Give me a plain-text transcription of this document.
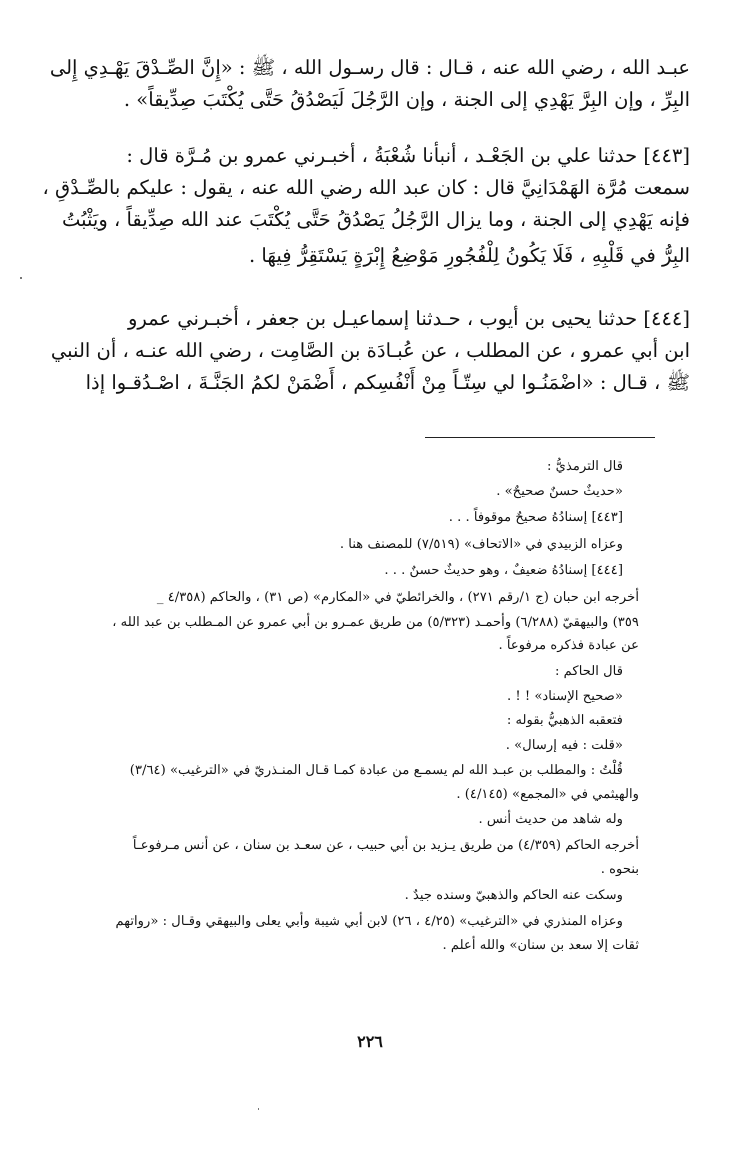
عبـد الله ، رضي الله عنه ، قـال : قال رسـول الله ، ﷺ : «إِنَّ الصِّـدْقَ يَهْـدِي إِلى

البِرِّ ، وإن البِرَّ يَهْدِي إلى الجنة ، وإن الرَّجُلَ لَيَصْدُقُ حَتَّى يُكْتَبَ صِدِّيقاً» .

[٤٤٣] حدثنا علي بن الجَعْـد ، أنبأنا شُعْبَةُ ، أخبـرني عمرو بن مُـرَّة قال :

سمعت مُرَّة الهَمْدَانِيَّ قال : كان عبد الله رضي الله عنه ، يقول : عليكم بالصِّـدْقِ ،

فإنه يَهْدِي إلى الجنة ، وما يزال الرَّجُلُ يَصْدُقُ حَتَّى يُكْتَبَ عند الله صِدِّيقاً ، ويَثْبُتُ

البِرُّ في قَلْبِهِ ، فَلَا يَكُونُ لِلْفُجُورِ مَوْضِعُ إِبْرَةٍ يَسْتَقِرُّ فِيهَا .

[٤٤٤] حدثنا يحيى بن أيوب ، حـدثنا إسماعيـل بن جعفر ، أخبـرني عمرو

ابن أبي عمرو ، عن المطلب ، عن عُبـادَة بن الصَّامِت ، رضي الله عنـه ، أن النبي

ﷺ ، قـال : «اضْمَنُـوا لي سِتّـاً مِنْ أَنْفُسِكم ، أَضْمَنْ لكمُ الجَنَّـةَ ، اصْـدُقـوا إذا

قال الترمذيُّ :

«حديثٌ حسنٌ صحيحٌ» .

[٤٤٣] إسنادُهُ صحيحٌ موقوفاً . . .

وعزاه الزبيدي في «الاتحاف» (٧/٥١٩) للمصنف هنا .

[٤٤٤] إسنادُهُ ضعيفٌ ، وهو حديثٌ حسنٌ . . .

أخرجه ابن حبان (ج ١/رقم ٢٧١) ، والخرائطيّ في «المكارم» (ص ٣١) ، والحاكم (٤/٣٥٨ _

٣٥٩) والبيهقيّ (٦/٢٨٨) وأحمـد (٥/٣٢٣) من طريق عمـرو بن أبي عمرو عن المـطلب بن عبد الله ،

عن عبادة فذكره مرفوعاً .

قال الحاكم :

«صحيح الإسناد» ! ! .

فتعقبه الذهبيُّ بقوله :

«قلت : فيه إرسال» .

قُلْتُ : والمطلب بن عبـد الله لم يسمـع من عبادة كمـا قـال المنـذريّ في «الترغيب» (٣/٦٤)

والهيثمي في «المجمع» (٤/١٤٥) .

وله شاهد من حديث أنس .

أخرجه الحاكم (٤/٣٥٩) من طريق يـزيد بن أبي حبيب ، عن سعـد بن سنان ، عن أنس مـرفوعـاً

بنحوه .

وسكت عنه الحاكم والذهبيّ وسنده جيدٌ .

وعزاه المنذري في «الترغيب» (٤/٢٥ ، ٢٦) لابن أبي شيبة وأبي يعلى والبيهقي وقـال : «رواتهم

ثقات إلا سعد بن سنان» والله أعلم .

٢٢٦
